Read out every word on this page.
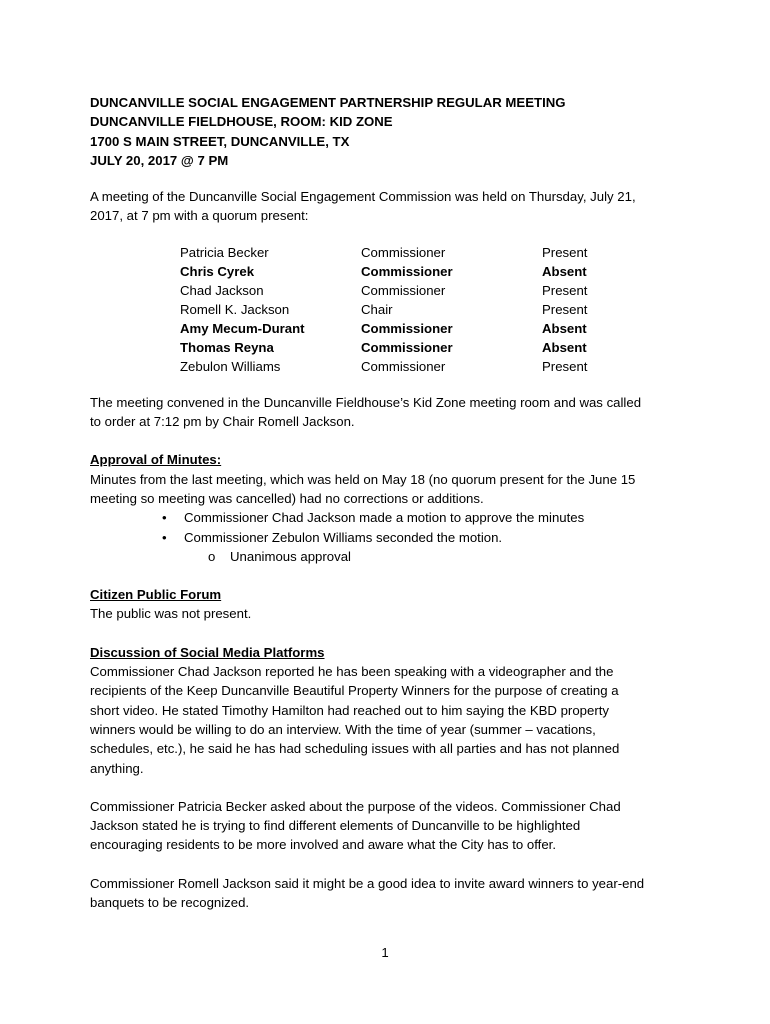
DUNCANVILLE SOCIAL ENGAGEMENT PARTNERSHIP REGULAR MEETING
DUNCANVILLE FIELDHOUSE, ROOM: KID ZONE
1700 S MAIN STREET, DUNCANVILLE, TX
JULY 20, 2017 @ 7 PM

A meeting of the Duncanville Social Engagement Commission was held on Thursday, July 21,
2017, at 7 pm with a quorum present:

Patricia Becker	Commissioner	Present
Chris Cyrek	Commissioner	Absent
Chad Jackson	Commissioner	Present
Romell K. Jackson	Chair	Present
Amy Mecum-Durant	Commissioner	Absent
Thomas Reyna	Commissioner	Absent
Zebulon Williams	Commissioner	Present

The meeting convened in the Duncanville Fieldhouse’s Kid Zone meeting room and was called
to order at 7:12 pm by Chair Romell Jackson.

Approval of Minutes:

Minutes from the last meeting, which was held on May 18 (no quorum present for the June 15
meeting so meeting was cancelled) had no corrections or additions.

• Commissioner Chad Jackson made a motion to approve the minutes
• Commissioner Zebulon Williams seconded the motion.
o Unanimous approval
Citizen Public Forum

The public was not present.

Discussion of Social Media Platforms

Commissioner Chad Jackson reported he has been speaking with a videographer and the
recipients of the Keep Duncanville Beautiful Property Winners for the purpose of creating a
short video. He stated Timothy Hamilton had reached out to him saying the KBD property
winners would be willing to do an interview. With the time of year (summer – vacations,
schedules, etc.), he said he has had scheduling issues with all parties and has not planned
anything.

Commissioner Patricia Becker asked about the purpose of the videos. Commissioner Chad
Jackson stated he is trying to find different elements of Duncanville to be highlighted
encouraging residents to be more involved and aware what the City has to offer.

Commissioner Romell Jackson said it might be a good idea to invite award winners to year-end
banquets to be recognized.

1
